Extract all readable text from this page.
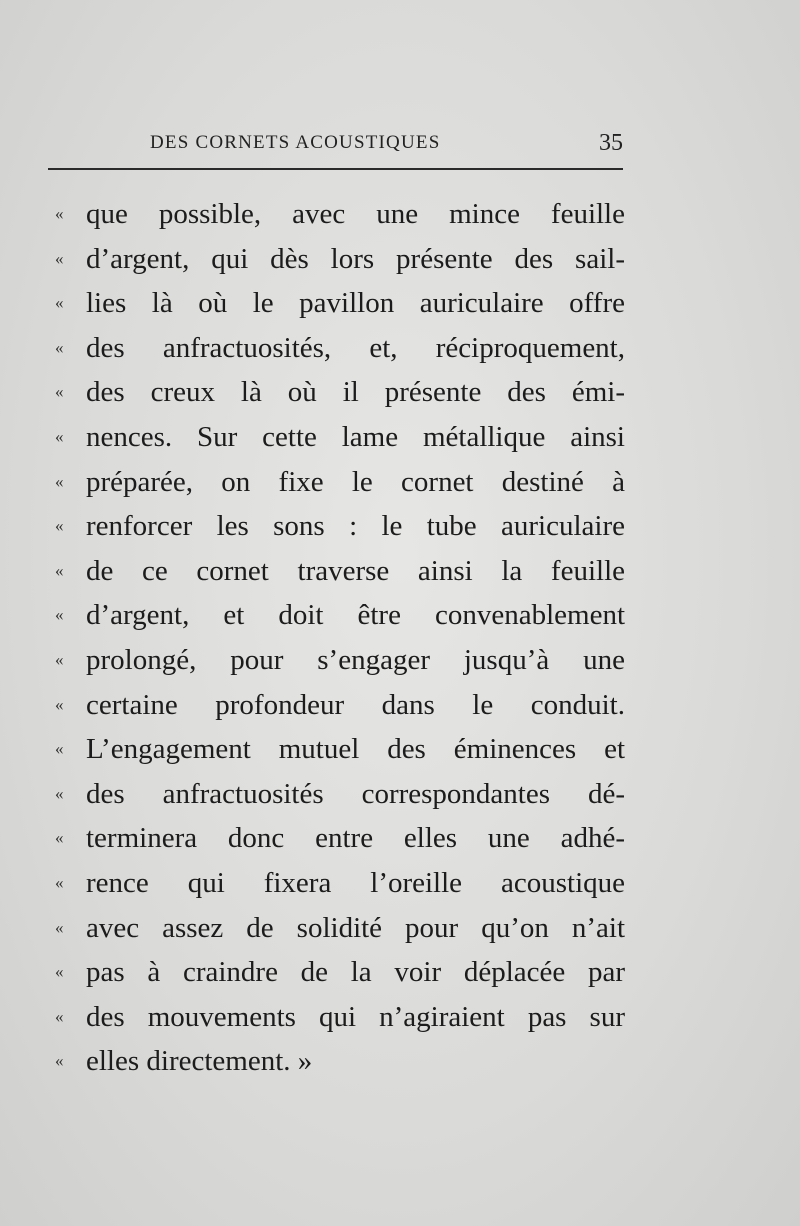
DES CORNETS ACOUSTIQUES	35
« que possible, avec une mince feuille
« d’argent, qui dès lors présente des sail-
« lies là où le pavillon auriculaire offre
« des anfractuosités, et, réciproquement,
« des creux là où il présente des émi-
« nences. Sur cette lame métallique ainsi
« préparée, on fixe le cornet destiné à
« renforcer les sons : le tube auriculaire
« de ce cornet traverse ainsi la feuille
« d’argent, et doit être convenablement
« prolongé, pour s’engager jusqu’à une
« certaine profondeur dans le conduit.
« L’engagement mutuel des éminences et
« des anfractuosités correspondantes dé-
« terminera donc entre elles une adhé-
« rence qui fixera l’oreille acoustique
« avec assez de solidité pour qu’on n’ait
« pas à craindre de la voir déplacée par
« des mouvements qui n’agiraient pas sur
« elles directement. »
